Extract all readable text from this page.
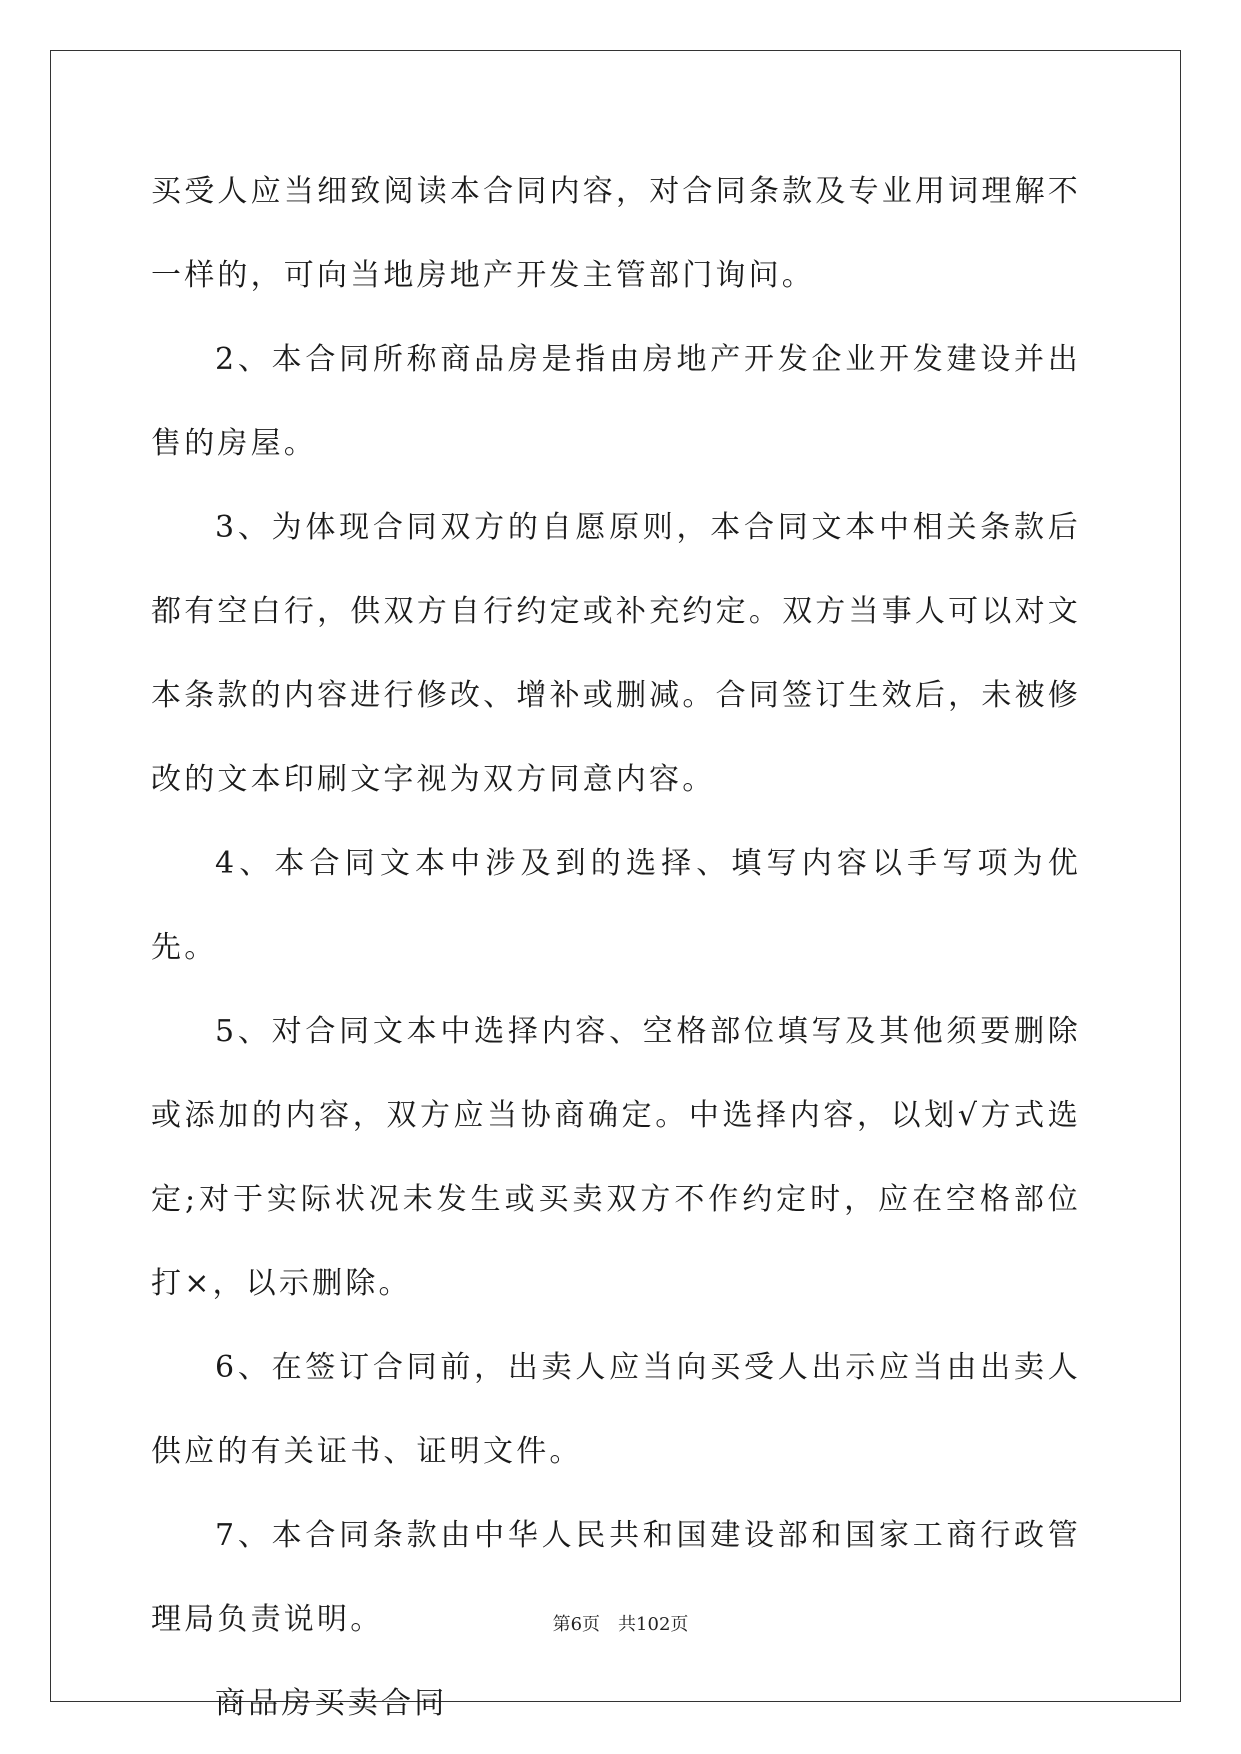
买受人应当细致阅读本合同内容，对合同条款及专业用词理解不一样的，可向当地房地产开发主管部门询问。

2、本合同所称商品房是指由房地产开发企业开发建设并出售的房屋。

3、为体现合同双方的自愿原则，本合同文本中相关条款后都有空白行，供双方自行约定或补充约定。双方当事人可以对文本条款的内容进行修改、增补或删减。合同签订生效后，未被修改的文本印刷文字视为双方同意内容。

4、本合同文本中涉及到的选择、填写内容以手写项为优先。

5、对合同文本中选择内容、空格部位填写及其他须要删除或添加的内容，双方应当协商确定。中选择内容，以划√方式选定;对于实际状况未发生或买卖双方不作约定时，应在空格部位打×，以示删除。

6、在签订合同前，出卖人应当向买受人出示应当由出卖人供应的有关证书、证明文件。

7、本合同条款由中华人民共和国建设部和国家工商行政管理局负责说明。

商品房买卖合同

第6页 共102页
